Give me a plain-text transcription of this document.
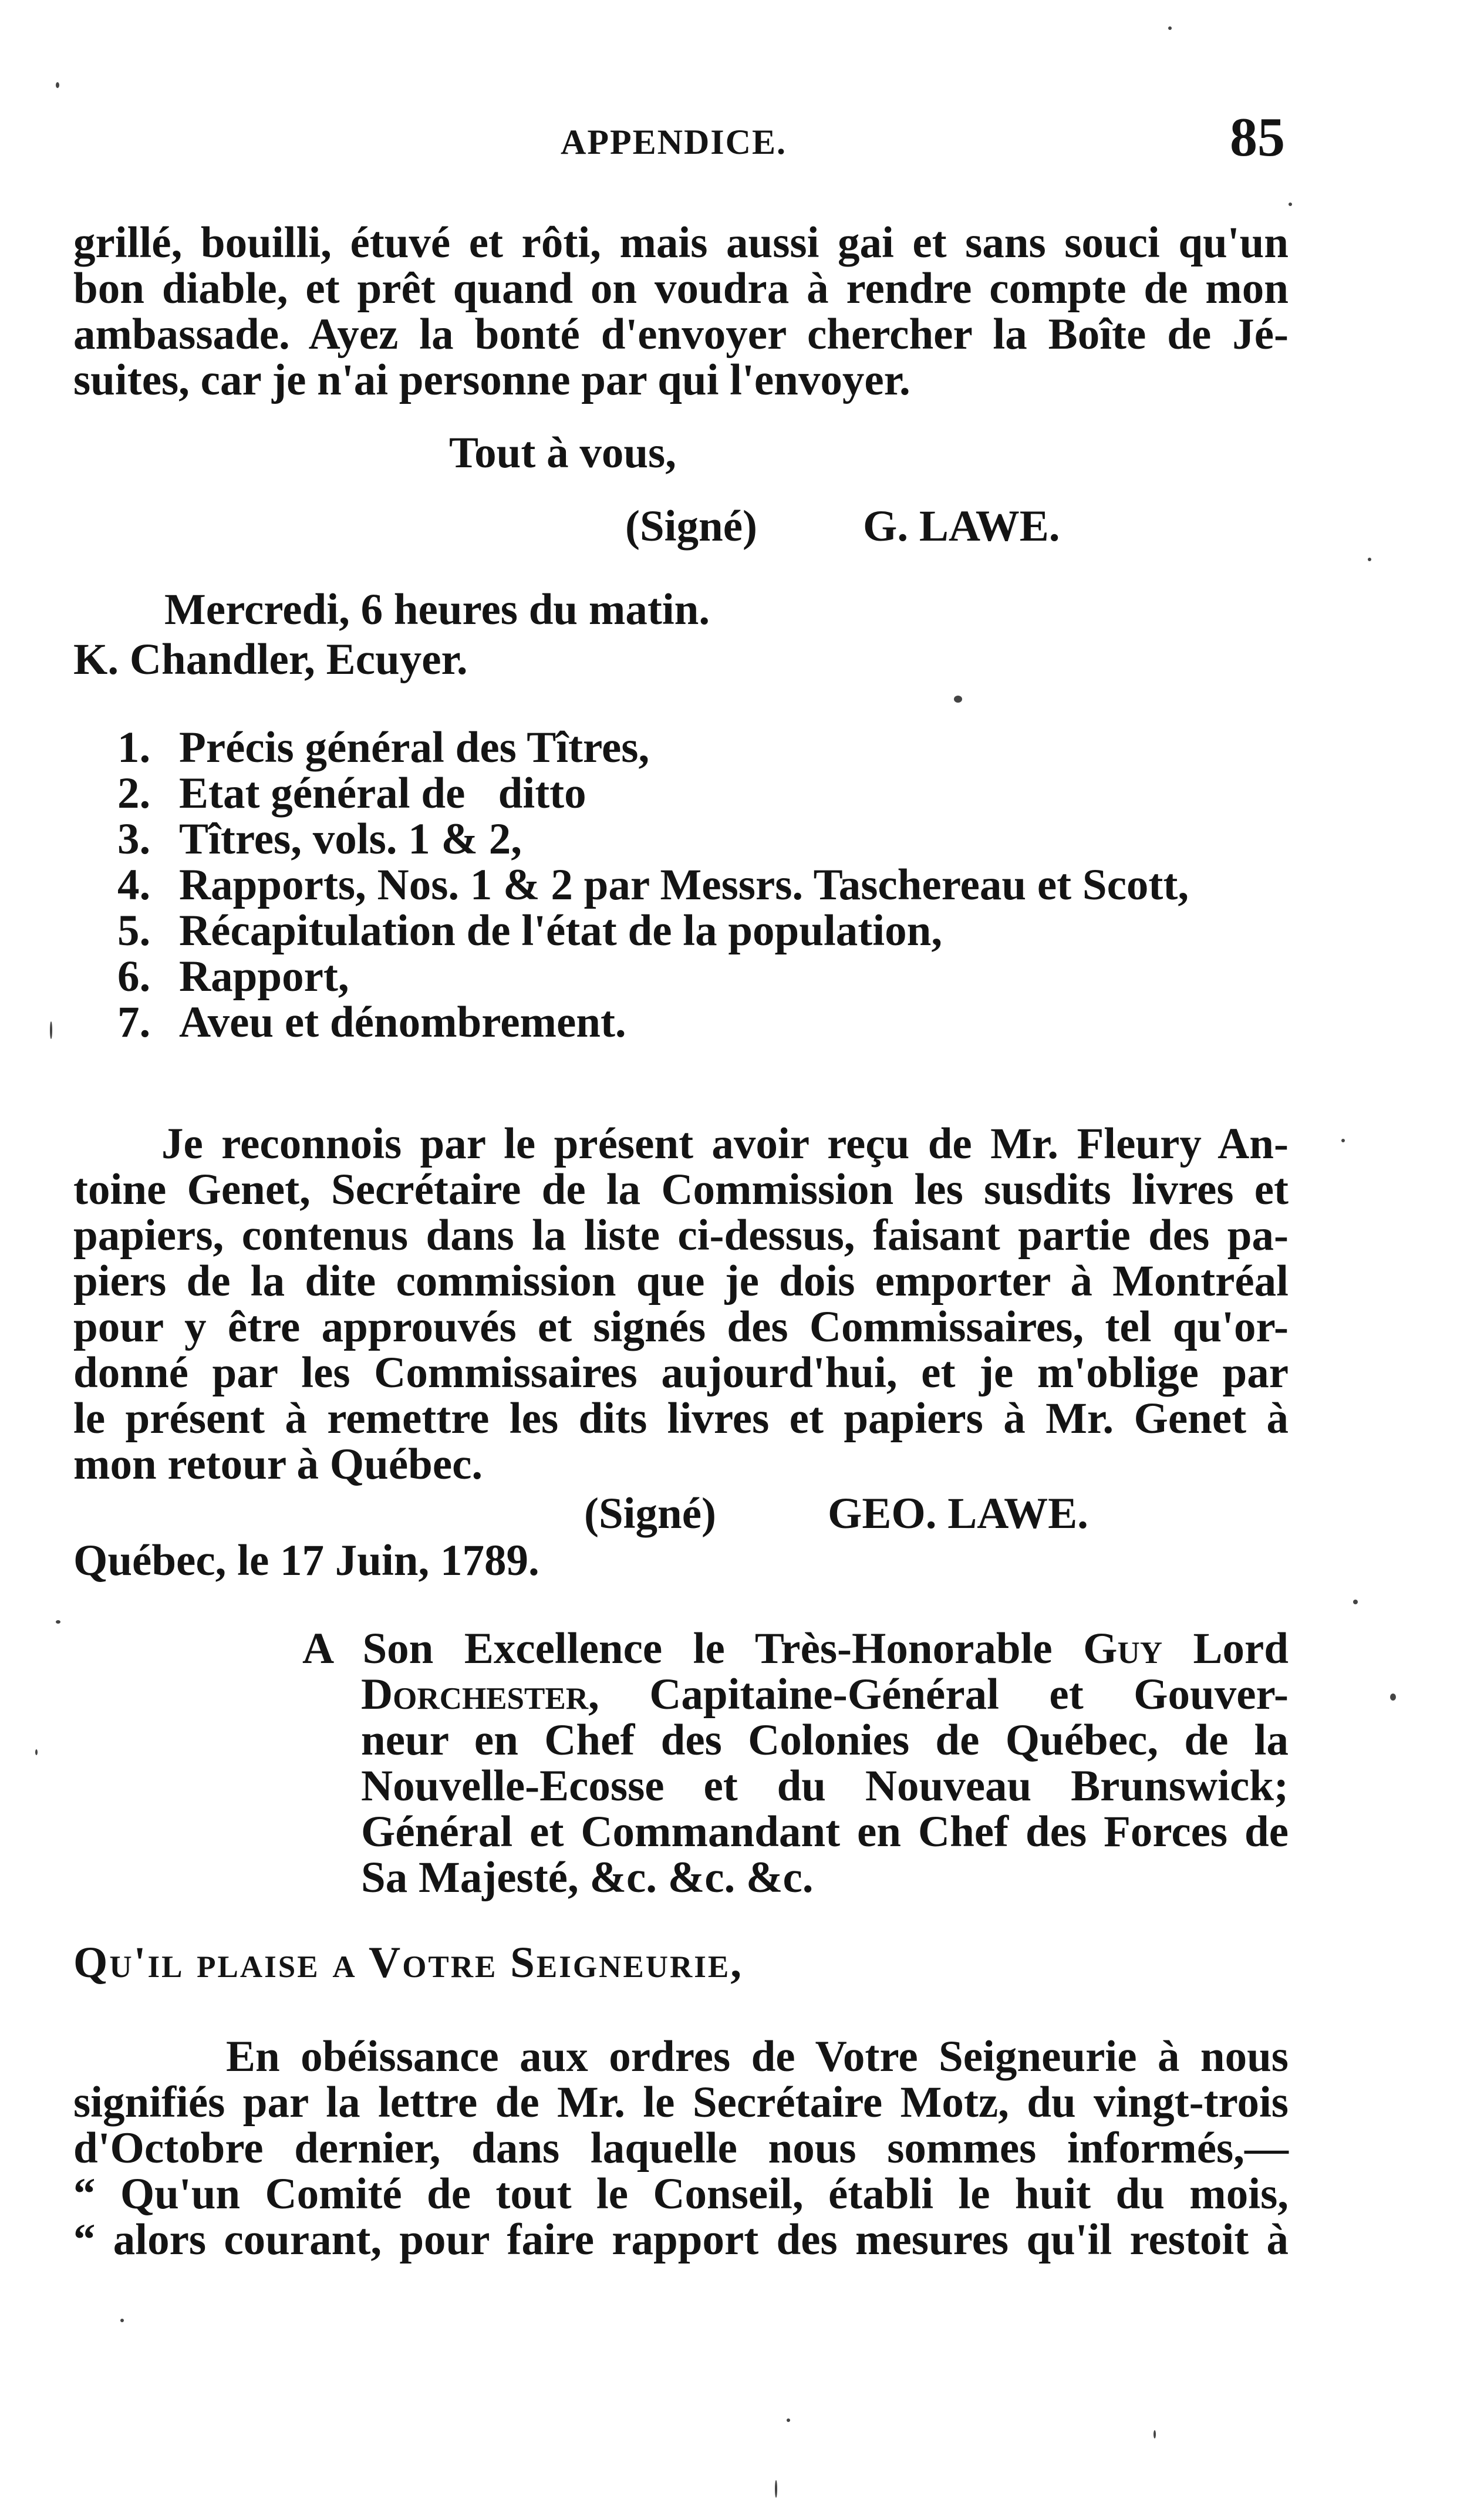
APPENDICE.	85
grillé, bouilli, étuvé et rôti, mais aussi gai et sans souci qu'un
bon diable, et prêt quand on voudra à rendre compte de mon
ambassade. Ayez la bonté d'envoyer chercher la Boîte de Jé-
suites, car je n'ai personne par qui l'envoyer.
Tout à vous,
(Signé) G. LAWE.
Mercredi, 6 heures du matin.
K. Chandler, Ecuyer.
1. Précis général des Tîtres,
2. Etat général de   ditto
3. Tîtres, vols. 1 & 2,
4. Rapports, Nos. 1 & 2 par Messrs. Taschereau et Scott,
5. Récapitulation de l'état de la population,
6. Rapport,
7. Aveu et dénombrement.
Je reconnois par le présent avoir reçu de Mr. Fleury An-
toine Genet, Secrétaire de la Commission les susdits livres et
papiers, contenus dans la liste ci-dessus, faisant partie des pa-
piers de la dite commission que je dois emporter à Montréal
pour y être approuvés et signés des Commissaires, tel qu'or-
donné par les Commissaires aujourd'hui, et je m'oblige par
le présent à remettre les dits livres et papiers à Mr. Genet à
mon retour à Québec.
(Signé)	GEO. LAWE.
Québec, le 17 Juin, 1789.
A Son Excellence le Très-Honorable Guy Lord
Dorchester, Capitaine-Général et Gouver-
neur en Chef des Colonies de Québec, de la
Nouvelle-Ecosse et du Nouveau Brunswick;
Général et Commandant en Chef des Forces de
Sa Majesté, &c. &c. &c.
Qu'il plaise a Votre Seigneurie,
En obéissance aux ordres de Votre Seigneurie à nous
signifiés par la lettre de Mr. le Secrétaire Motz, du vingt-trois
d'Octobre dernier, dans laquelle nous sommes informés,—
“ Qu'un Comité de tout le Conseil, établi le huit du mois,
“ alors courant, pour faire rapport des mesures qu'il restoit à
